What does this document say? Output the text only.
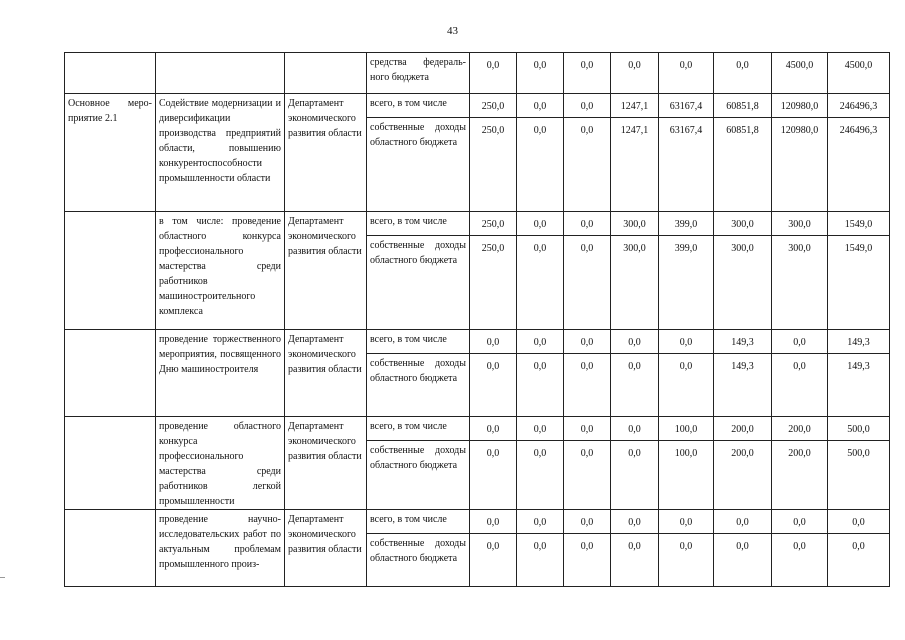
43
			средства федераль-ного бюджета	0,0	0,0	0,0	0,0	0,0	0,0	4500,0	4500,0
Основное меро-приятие 2.1	Содействие модернизации и диверсификации производства предприятий области, повышению конкурентоспособности промышленности области	Департамент экономического развития области	всего, в том числе	250,0	0,0	0,0	1247,1	63167,4	60851,8	120980,0	246496,3
			собственные доходы областного бюджета	250,0	0,0	0,0	1247,1	63167,4	60851,8	120980,0	246496,3
	в том числе: проведение областного конкурса профессионального мастерства среди работников машиностроительного комплекса	Департамент экономического развития области	всего, в том числе	250,0	0,0	0,0	300,0	399,0	300,0	300,0	1549,0
			собственные доходы областного бюджета	250,0	0,0	0,0	300,0	399,0	300,0	300,0	1549,0
	проведение торжественного мероприятия, посвященного Дню машиностроителя	Департамент экономического развития области	всего, в том числе	0,0	0,0	0,0	0,0	0,0	149,3	0,0	149,3
			собственные доходы областного бюджета	0,0	0,0	0,0	0,0	0,0	149,3	0,0	149,3
	проведение областного конкурса профессионального мастерства среди работников легкой промышленности	Департамент экономического развития области	всего, в том числе	0,0	0,0	0,0	0,0	100,0	200,0	200,0	500,0
			собственные доходы областного бюджета	0,0	0,0	0,0	0,0	100,0	200,0	200,0	500,0
	проведение научно-исследовательских работ по актуальным проблемам промышленного произ-	Департамент экономического развития области	всего, в том числе	0,0	0,0	0,0	0,0	0,0	0,0	0,0	0,0
			собственные доходы областного бюджета	0,0	0,0	0,0	0,0	0,0	0,0	0,0	0,0
